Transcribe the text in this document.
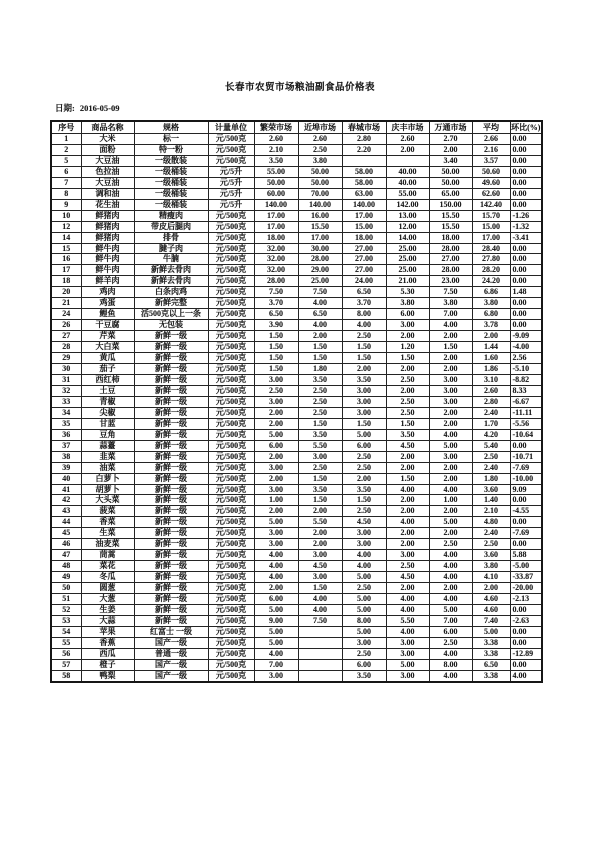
长春市农贸市场粮油副食品价格表
日期: 2016-05-09
序号	商品名称	规格	计量单位	繁荣市场	近埠市场	春城市场	庆丰市场	万通市场	平均	环比(%)
1	大米	标一	元/500克	2.60	2.60	2.80	2.60	2.70	2.66	0.00
2	面粉	特一粉	元/500克	2.10	2.50	2.20	2.00	2.00	2.16	0.00
5	大豆油	一级散装	元/500克	3.50	3.80			3.40	3.57	0.00
6	色拉油	一级桶装	元/5升	55.00	50.00	58.00	40.00	50.00	50.60	0.00
7	大豆油	一级桶装	元/5升	50.00	50.00	58.00	40.00	50.00	49.60	0.00
8	调和油	一级桶装	元/5升	60.00	70.00	63.00	55.00	65.00	62.60	0.00
9	花生油	一级桶装	元/5升	140.00	140.00	140.00	142.00	150.00	142.40	0.00
10	鲜猪肉	精瘦肉	元/500克	17.00	16.00	17.00	13.00	15.50	15.70	-1.26
12	鲜猪肉	带皮后腿肉	元/500克	17.00	15.50	15.00	12.00	15.50	15.00	-1.32
14	鲜猪肉	排骨	元/500克	18.00	17.00	18.00	14.00	18.00	17.00	-3.41
15	鲜牛肉	腱子肉	元/500克	32.00	30.00	27.00	25.00	28.00	28.40	0.00
16	鲜牛肉	牛腩	元/500克	32.00	28.00	27.00	25.00	27.00	27.80	0.00
17	鲜牛肉	新鲜去骨肉	元/500克	32.00	29.00	27.00	25.00	28.00	28.20	0.00
18	鲜羊肉	新鲜去骨肉	元/500克	28.00	25.00	24.00	21.00	23.00	24.20	0.00
20	鸡肉	白条肉鸡	元/500克	7.50	7.50	6.50	5.30	7.50	6.86	1.48
21	鸡蛋	新鲜完整	元/500克	3.70	4.00	3.70	3.80	3.80	3.80	0.00
24	鲤鱼	活500克以上一条	元/500克	6.50	6.50	8.00	6.00	7.00	6.80	0.00
26	干豆腐	无包装	元/500克	3.90	4.00	4.00	3.00	4.00	3.78	0.00
27	芹菜	新鲜一级	元/500克	1.50	2.00	2.50	2.00	2.00	2.00	-9.09
28	大白菜	新鲜一级	元/500克	1.50	1.50	1.50	1.20	1.50	1.44	-4.00
29	黄瓜	新鲜一级	元/500克	1.50	1.50	1.50	1.50	2.00	1.60	2.56
30	茄子	新鲜一级	元/500克	1.50	1.80	2.00	2.00	2.00	1.86	-5.10
31	西红柿	新鲜一级	元/500克	3.00	3.50	3.50	2.50	3.00	3.10	-8.82
32	土豆	新鲜一级	元/500克	2.50	2.50	3.00	2.00	3.00	2.60	8.33
33	青椒	新鲜一级	元/500克	3.00	2.50	3.00	2.50	3.00	2.80	-6.67
34	尖椒	新鲜一级	元/500克	2.00	2.50	3.00	2.50	2.00	2.40	-11.11
35	甘蓝	新鲜一级	元/500克	2.00	1.50	1.50	1.50	2.00	1.70	-5.56
36	豆角	新鲜一级	元/500克	5.00	3.50	5.00	3.50	4.00	4.20	-10.64
37	蒜薹	新鲜一级	元/500克	6.00	5.50	6.00	4.50	5.00	5.40	0.00
38	韭菜	新鲜一级	元/500克	2.00	3.00	2.50	2.00	3.00	2.50	-10.71
39	油菜	新鲜一级	元/500克	3.00	2.50	2.50	2.00	2.00	2.40	-7.69
40	白萝卜	新鲜一级	元/500克	2.00	1.50	2.00	1.50	2.00	1.80	-10.00
41	胡萝卜	新鲜一级	元/500克	3.00	3.50	3.50	4.00	4.00	3.60	9.09
42	大头菜	新鲜一级	元/500克	1.00	1.50	1.50	2.00	1.00	1.40	0.00
43	菠菜	新鲜一级	元/500克	2.00	2.00	2.50	2.00	2.00	2.10	-4.55
44	香菜	新鲜一级	元/500克	5.00	5.50	4.50	4.00	5.00	4.80	0.00
45	生菜	新鲜一级	元/500克	3.00	2.00	3.00	2.00	2.00	2.40	-7.69
46	油麦菜	新鲜一级	元/500克	3.00	2.00	3.00	2.00	2.50	2.50	0.00
47	茼蒿	新鲜一级	元/500克	4.00	3.00	4.00	3.00	4.00	3.60	5.88
48	菜花	新鲜一级	元/500克	4.00	4.50	4.00	2.50	4.00	3.80	-5.00
49	冬瓜	新鲜一级	元/500克	4.00	3.00	5.00	4.50	4.00	4.10	-33.87
50	圆葱	新鲜一级	元/500克	2.00	1.50	2.50	2.00	2.00	2.00	-20.00
51	大葱	新鲜一级	元/500克	6.00	4.00	5.00	4.00	4.00	4.60	-2.13
52	生姜	新鲜一级	元/500克	5.00	4.00	5.00	4.00	5.00	4.60	0.00
53	大蒜	新鲜一级	元/500克	9.00	7.50	8.00	5.50	7.00	7.40	-2.63
54	苹果	红富士 一级	元/500克	5.00		5.00	4.00	6.00	5.00	0.00
55	香蕉	国产一级	元/500克	5.00		3.00	3.00	2.50	3.38	0.00
56	西瓜	普通一级	元/500克	4.00		2.50	3.00	4.00	3.38	-12.89
57	橙子	国产一级	元/500克	7.00		6.00	5.00	8.00	6.50	0.00
58	鸭梨	国产一级	元/500克	3.00		3.50	3.00	4.00	3.38	4.00
